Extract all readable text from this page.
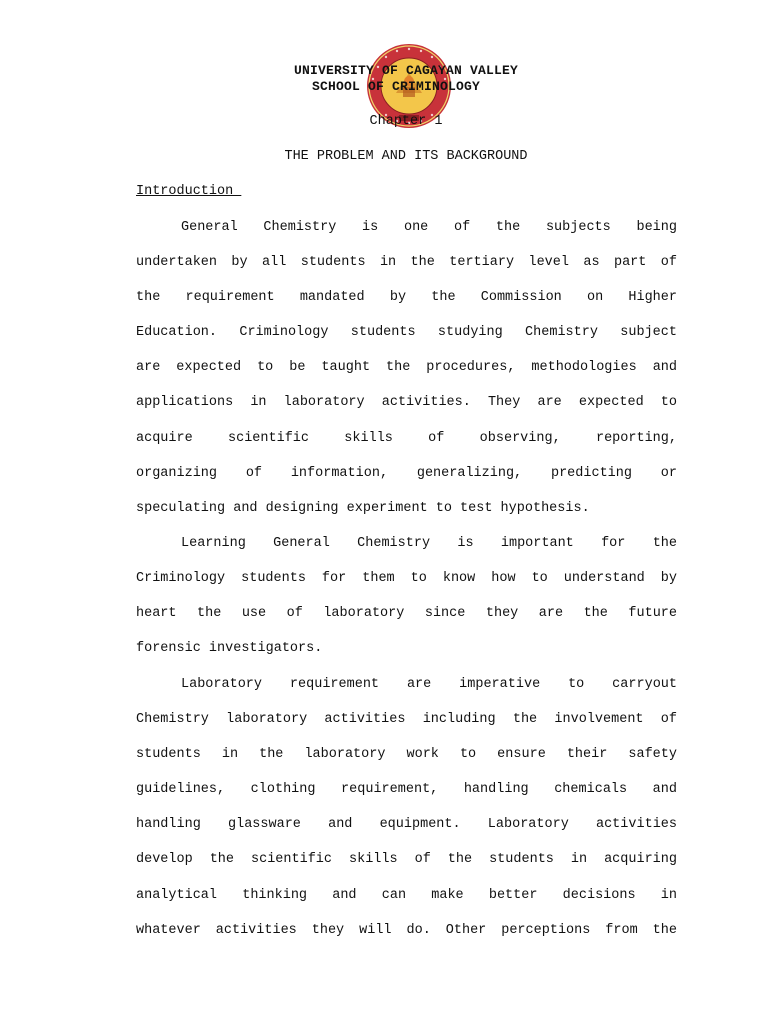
UNIVERSITY OF CAGAYAN VALLEY
SCHOOL OF CRIMINOLOGY
Chapter 1
THE PROBLEM AND ITS BACKGROUND
Introduction
General Chemistry is one of the subjects being
undertaken by all students in the tertiary level as part of
the requirement mandated by the Commission on Higher
Education. Criminology students studying Chemistry subject
are expected to be taught the procedures, methodologies and
applications in laboratory activities. They are expected to
acquire scientific skills of observing, reporting,
organizing of information, generalizing, predicting or
speculating and designing experiment to test hypothesis.
Learning General Chemistry is important for the
Criminology students for them to know how to understand by
heart the use of laboratory since they are the future
forensic investigators.
Laboratory requirement are imperative to carryout
Chemistry laboratory activities including the involvement of
students in the laboratory work to ensure their safety
guidelines, clothing requirement, handling chemicals and
handling glassware and equipment. Laboratory activities
develop the scientific skills of the students in acquiring
analytical thinking and can make better decisions in
whatever activities they will do. Other perceptions from the
